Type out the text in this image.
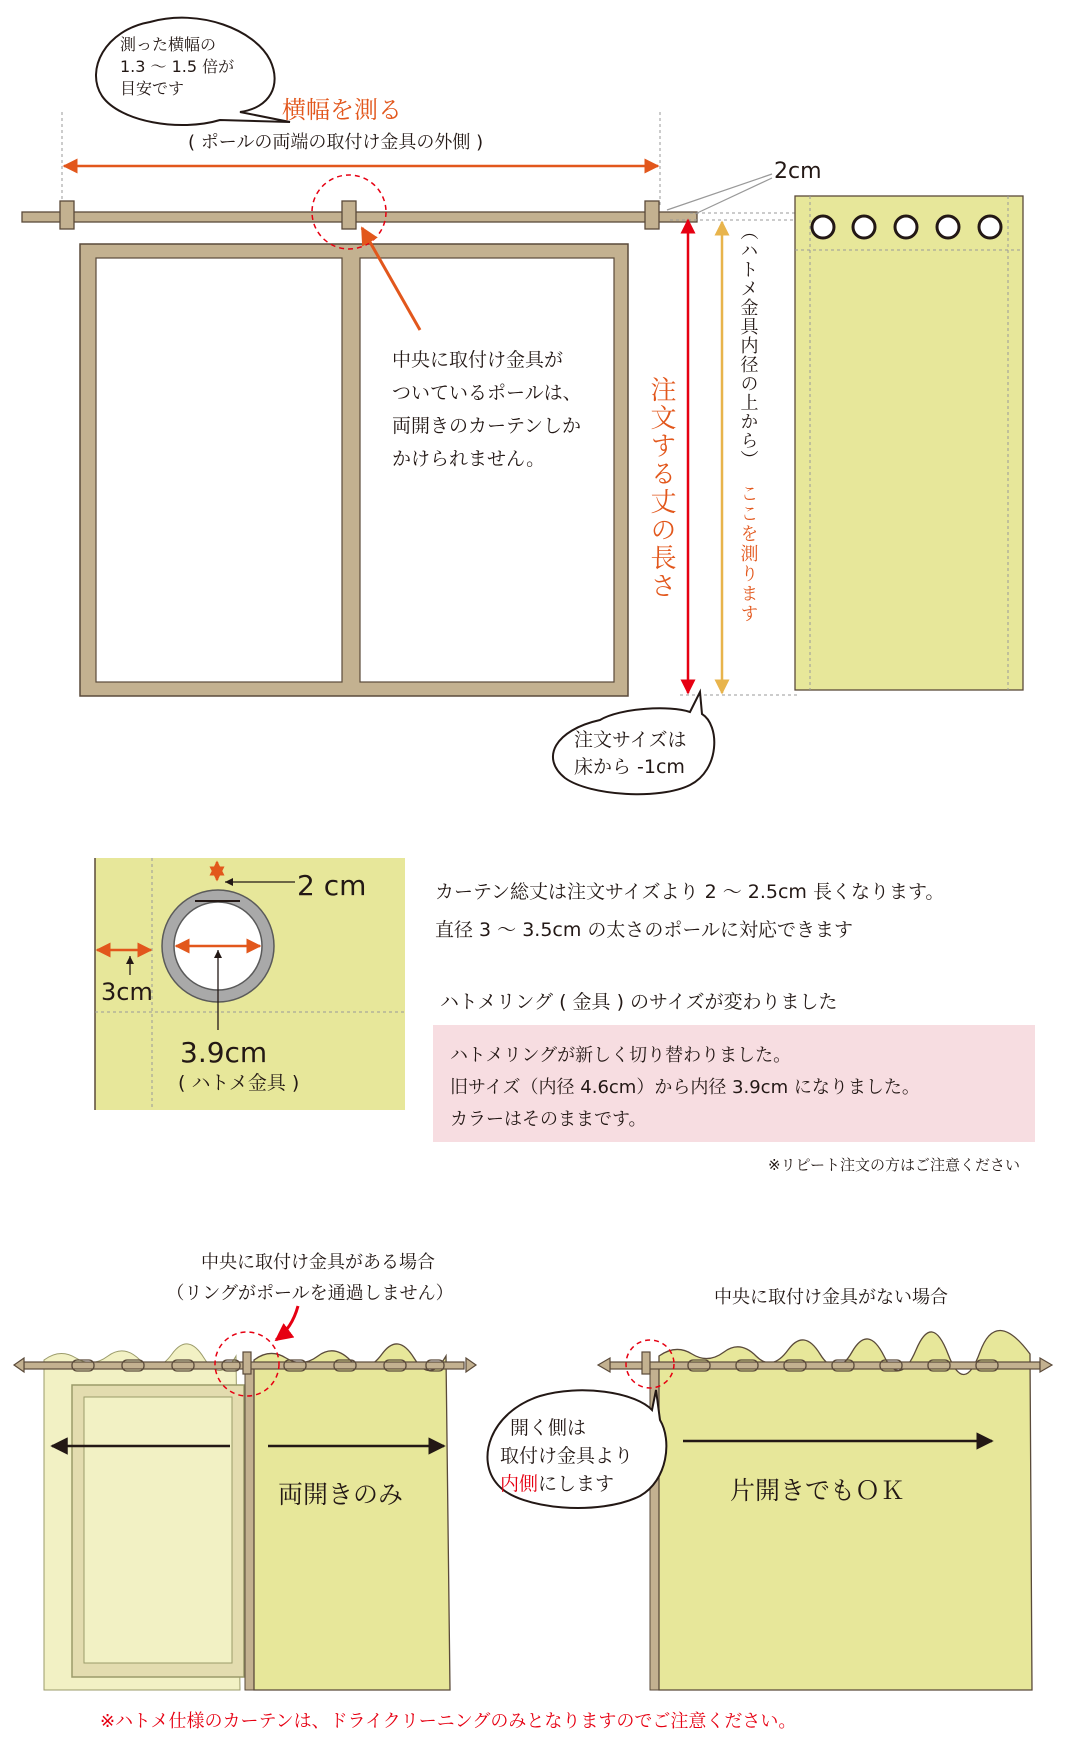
測った横幅の
1.3 〜 1.5 倍が
目安です
横幅を測る
( ポールの両端の取付け金具の外側 )
中央に取付け金具が
ついているポールは、
両開きのカーテンしか
かけられません。
2cm
注文する丈の長さ
（ハトメ金具内径の上から）
ここを測ります
注文サイズは
床から -1cm
2 cm
3cm
3.9cm
( ハトメ金具 )
カーテン総丈は注文サイズより 2 〜 2.5cm 長くなります。
直径 3 〜 3.5cm の太さのポールに対応できます
ハトメリング ( 金具 ) のサイズが変わりました
ハトメリングが新しく切り替わりました。
旧サイズ（内径 4.6cm）から内径 3.9cm になりました。
カラーはそのままです。
※リピート注文の方はご注意ください
中央に取付け金具がある場合
（リングがポールを通過しません）	中央に取付け金具がない場合
両開きのみ
開く側は
取付け金具より
内側にします	片開きでもＯＫ
※ハトメ仕様のカーテンは、ドライクリーニングのみとなりますのでご注意ください。
